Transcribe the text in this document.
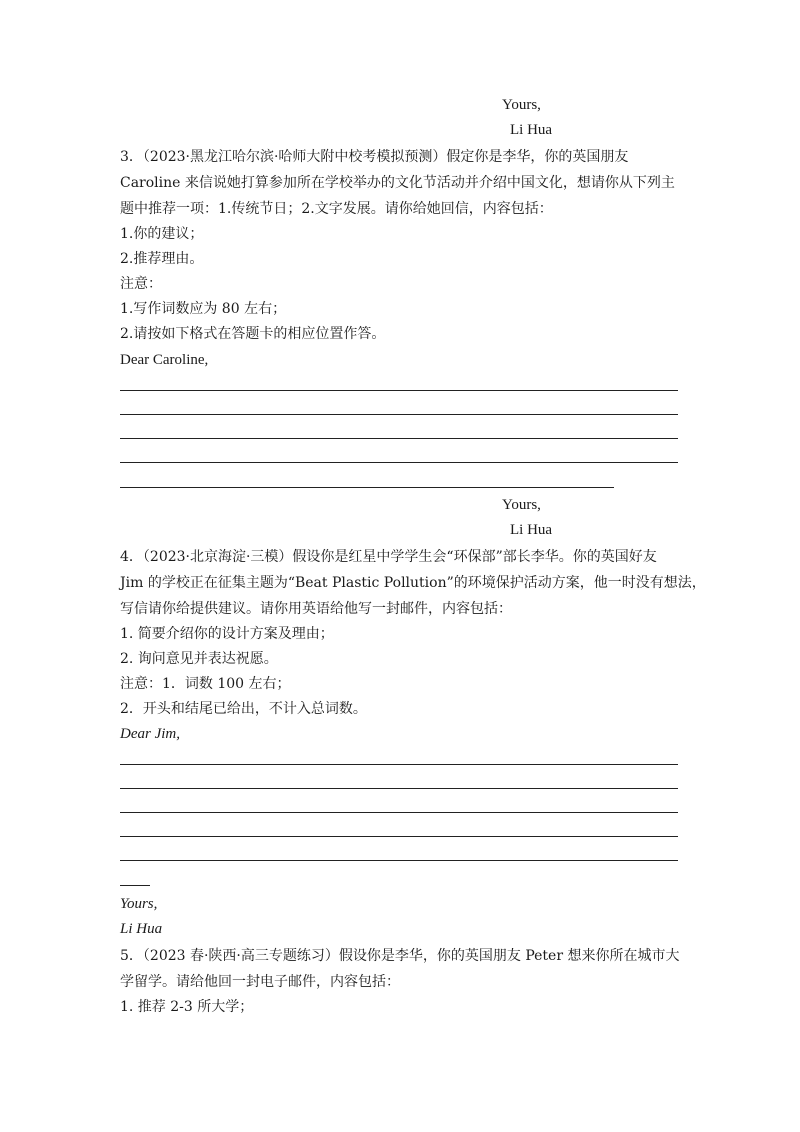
Yours,
Li Hua
3．（2023·黑龙江哈尔滨·哈师大附中校考模拟预测）假定你是李华，你的英国朋友
Caroline 来信说她打算参加所在学校举办的文化节活动并介绍中国文化，想请你从下列主
题中推荐一项：1.传统节日；2.文字发展。请你给她回信，内容包括：
1.你的建议；
2.推荐理由。
注意：
1.写作词数应为 80 左右；
2.请按如下格式在答题卡的相应位置作答。
Dear Caroline,
Yours,
Li Hua
4．（2023·北京海淀·三模）假设你是红星中学学生会“环保部”部长李华。你的英国好友
Jim 的学校正在征集主题为“Beat Plastic Pollution”的环境保护活动方案，他一时没有想法，
写信请你给提供建议。请你用英语给他写一封邮件，内容包括：
1. 简要介绍你的设计方案及理由；
2. 询问意见并表达祝愿。
注意：1．词数 100 左右；
2．开头和结尾已给出，不计入总词数。
Dear Jim,
Yours,
Li Hua
5．（2023 春·陕西·高三专题练习）假设你是李华，你的英国朋友 Peter 想来你所在城市大
学留学。请给他回一封电子邮件，内容包括：
1. 推荐 2-3 所大学；
